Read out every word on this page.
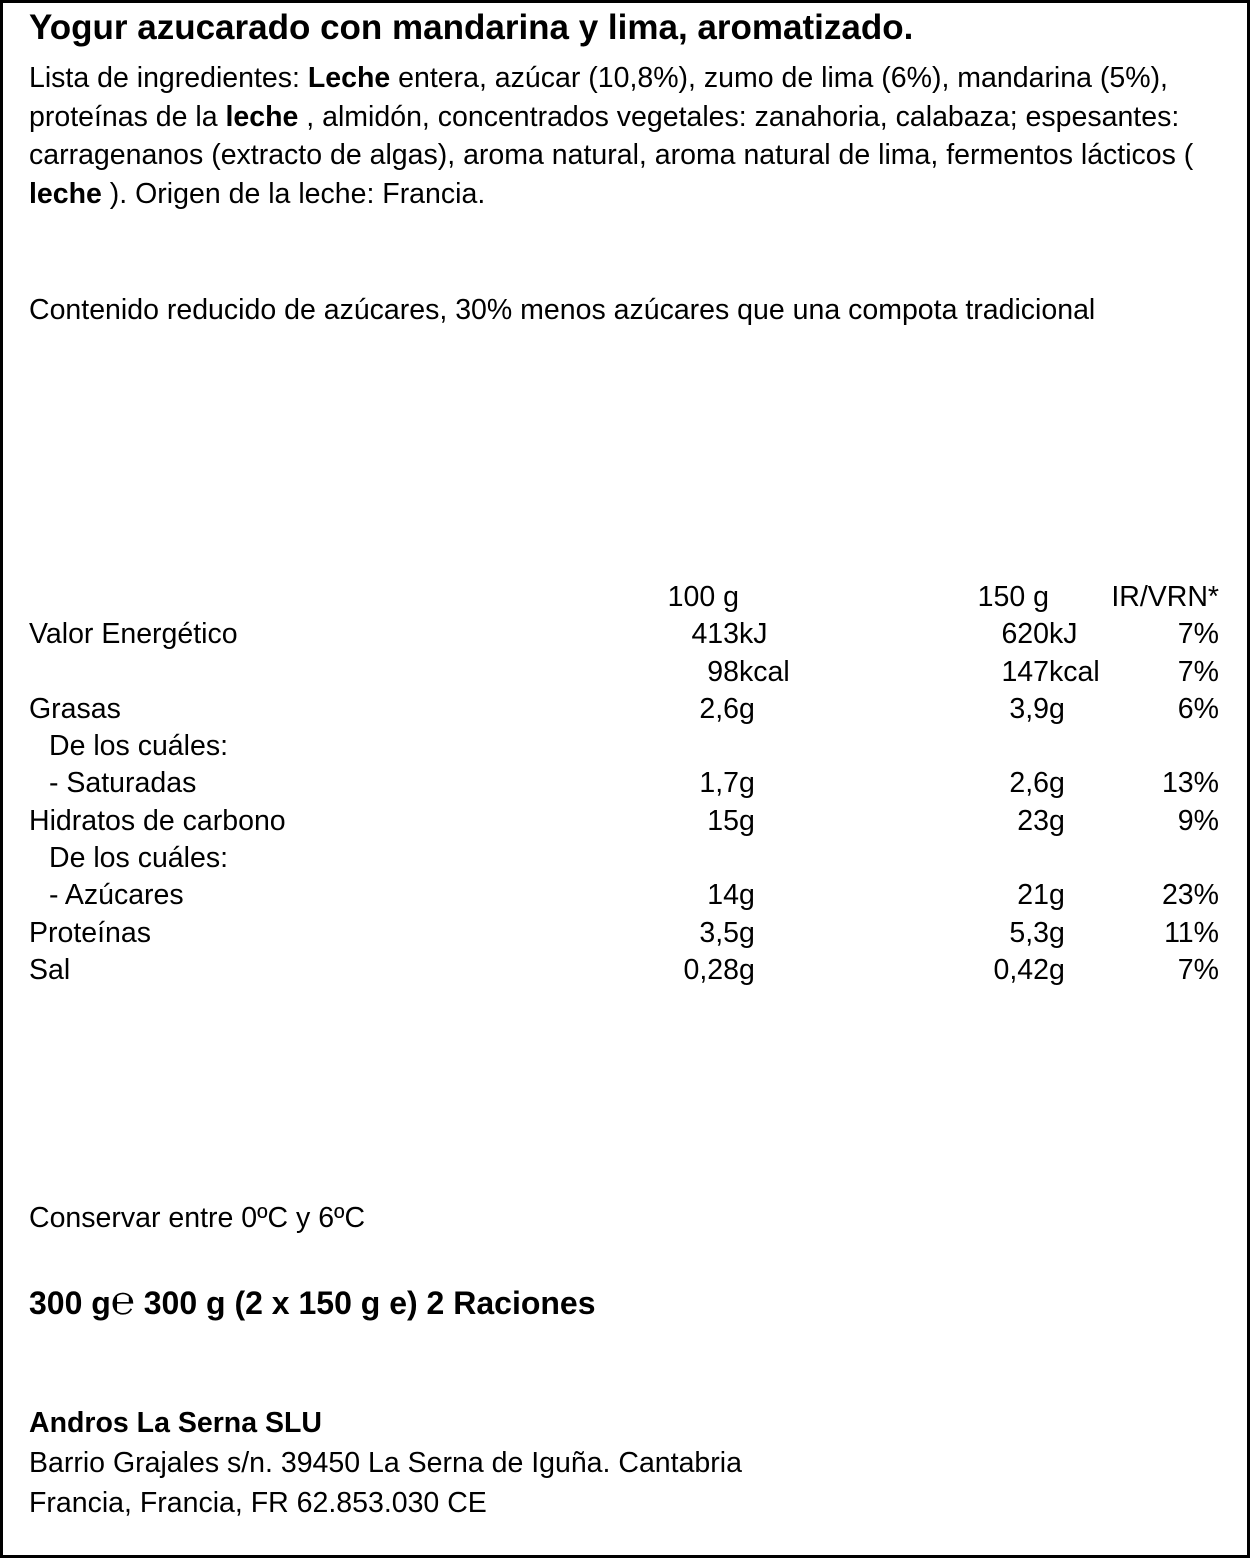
Yogur azucarado con mandarina y lima, aromatizado.
Lista de ingredientes: Leche entera, azúcar (10,8%), zumo de lima (6%), mandarina (5%), proteínas de la leche , almidón, concentrados vegetales: zanahoria, calabaza; espesantes: carragenanos (extracto de algas), aroma natural, aroma natural de lima, fermentos lácticos ( leche ). Origen de la leche: Francia.
Contenido reducido de azúcares, 30% menos azúcares que una compota tradicional
	100 g		150 g	IR/VRN*	
Valor Energético	413	kJ	620	kJ	7%
	98	kcal	147	kcal	7%
Grasas	2,6	g	3,9	g	6%
De los cuáles:					
- Saturadas	1,7	g	2,6	g	13%
Hidratos de carbono	15	g	23	g	9%
De los cuáles:					
- Azúcares	14	g	21	g	23%
Proteínas	3,5	g	5,3	g	11%
Sal	0,28	g	0,42	g	7%
Conservar entre 0ºC y 6ºC
300 g℮ 300 g (2 x 150 g e) 2 Raciones
Andros La Serna SLU
Barrio Grajales s/n. 39450 La Serna de Iguña. Cantabria
Francia, Francia, FR 62.853.030 CE
